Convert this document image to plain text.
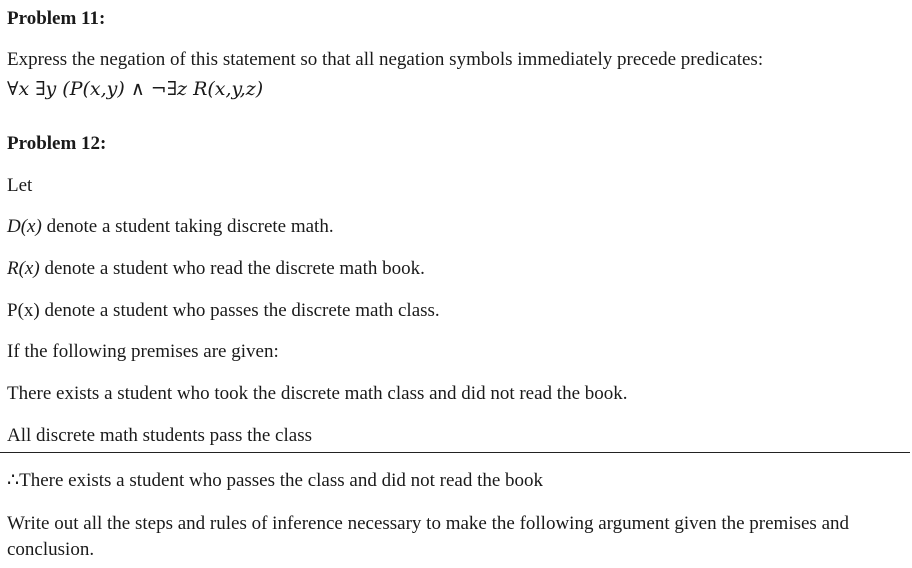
Problem 11:
Express the negation of this statement so that all negation symbols immediately precede predicates:
∀x ∃y (P(x,y) ∧ ¬∃z R(x,y,z)
Problem 12:
Let
D(x) denote a student taking discrete math.
R(x) denote a student who read the discrete math book.
P(x) denote a student who passes the discrete math class.
If the following premises are given:
There exists a student who took the discrete math class and did not read the book.
All discrete math students pass the class
∴There exists a student who passes the class and did not read the book
Write out all the steps and rules of inference necessary to make the following argument given the premises and conclusion.
